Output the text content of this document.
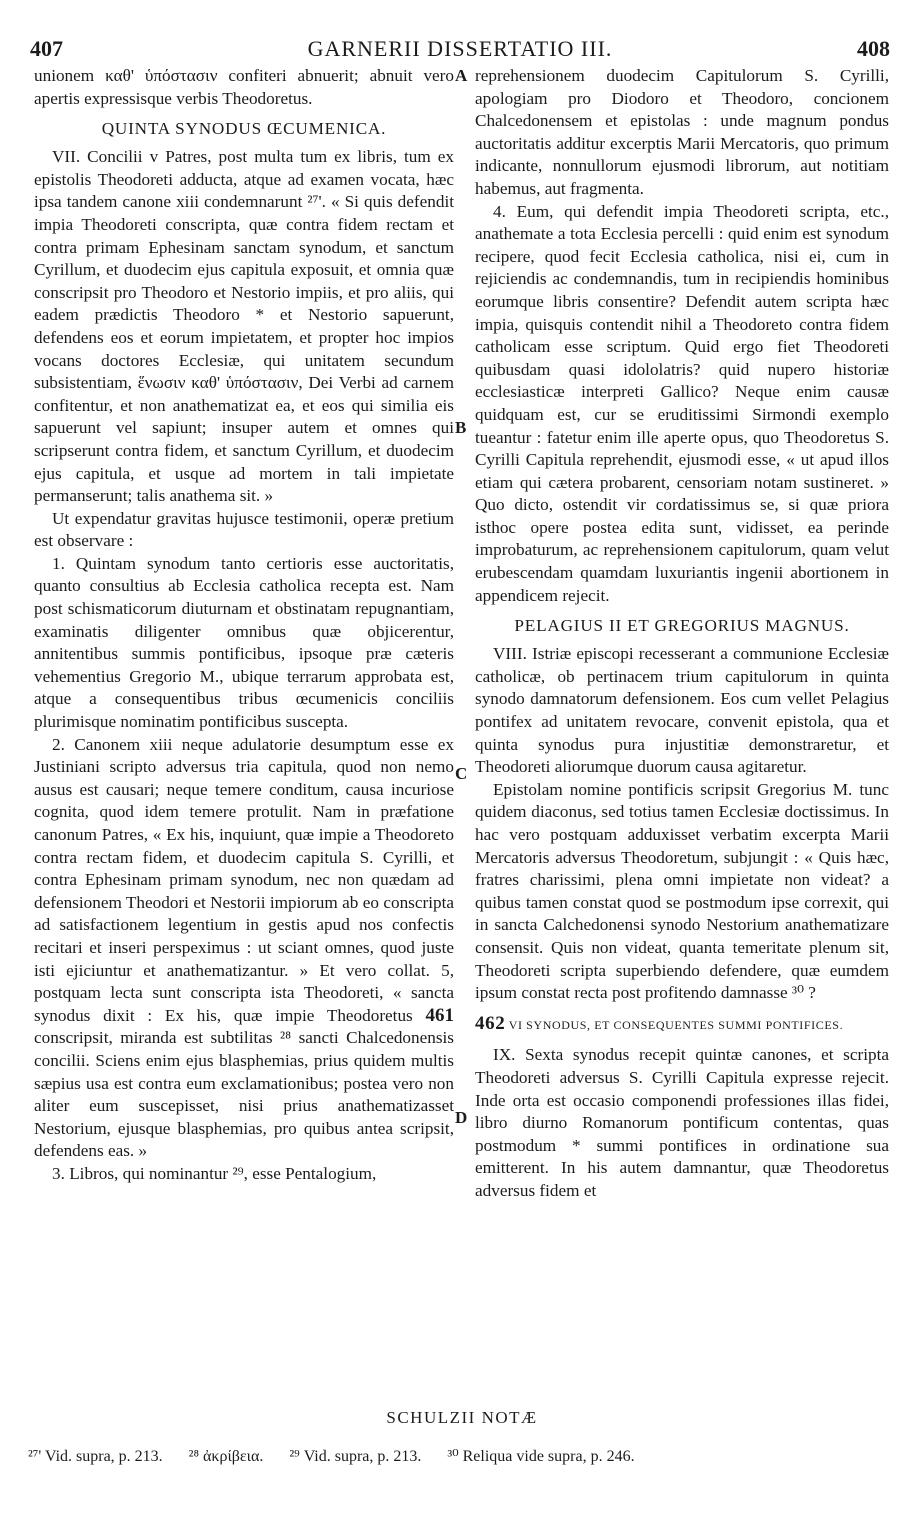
407	GARNERII DISSERTATIO III.	408
A
B
C
D

unionem καθ' ὑπόστασιν confiteri abnuerit; abnuit vero apertis expressisque verbis Theodoretus.

QUINTA SYNODUS ŒCUMENICA.

VII. Concilii v Patres, post multa tum ex libris, tum ex epistolis Theodoreti adducta, atque ad examen vocata, hæc ipsa tandem canone xiii condemnarunt ²⁷'. « Si quis defendit impia Theodoreti conscripta, quæ contra fidem rectam et contra primam Ephesinam sanctam synodum, et sanctum Cyrillum, et duodecim ejus capitula exposuit, et omnia quæ conscripsit pro Theodoro et Nestorio impiis, et pro aliis, qui eadem prædictis Theodoro * et Nestorio sapuerunt, defendens eos et eorum impietatem, et propter hoc impios vocans doctores Ecclesiæ, qui unitatem secundum subsistentiam, ἕνωσιν καθ' ὑπόστασιν, Dei Verbi ad carnem confitentur, et non anathematizat ea, et eos qui similia eis sapuerunt vel sapiunt; insuper autem et omnes qui scripserunt contra fidem, et sanctum Cyrillum, et duodecim ejus capitula, et usque ad mortem in tali impietate permanserunt; talis anathema sit. »

Ut expendatur gravitas hujusce testimonii, operæ pretium est observare :

1. Quintam synodum tanto certioris esse auctoritatis, quanto consultius ab Ecclesia catholica recepta est. Nam post schismaticorum diuturnam et obstinatam repugnantiam, examinatis diligenter omnibus quæ objicerentur, annitentibus summis pontificibus, ipsoque præ cæteris vehementius Gregorio M., ubique terrarum approbata est, atque a consequentibus tribus œcumenicis conciliis plurimisque nominatim pontificibus suscepta.

2. Canonem xiii neque adulatorie desumptum esse ex Justiniani scripto adversus tria capitula, quod non nemo ausus est causari; neque temere conditum, causa incuriose cognita, quod idem temere protulit. Nam in præfatione canonum Patres, « Ex his, inquiunt, quæ impie a Theodoreto contra rectam fidem, et duodecim capitula S. Cyrilli, et contra Ephesinam primam synodum, nec non quædam ad defensionem Theodori et Nestorii impiorum ab eo conscripta ad satisfactionem legentium in gestis apud nos confectis recitari et inseri perspeximus : ut sciant omnes, quod juste isti ejiciuntur et anathematizantur. » Et vero collat. 5, postquam lecta sunt conscripta ista Theodoreti, « sancta synodus dixit : Ex his, quæ impie Theodoretus 461 conscripsit, miranda est subtilitas ²⁸ sancti Chalcedonensis concilii. Sciens enim ejus blasphemias, prius quidem multis sæpius usa est contra eum exclamationibus; postea vero non aliter eum suscepisset, nisi prius anathematizasset Nestorium, ejusque blasphemias, pro quibus antea scripsit, defendens eas. »

3. Libros, qui nominantur ²⁹, esse Pentalogium,

reprehensionem duodecim Capitulorum S. Cyrilli, apologiam pro Diodoro et Theodoro, concionem Chalcedonensem et epistolas : unde magnum pondus auctoritatis additur excerptis Marii Mercatoris, quo primum indicante, nonnullorum ejusmodi librorum, aut notitiam habemus, aut fragmenta.

4. Eum, qui defendit impia Theodoreti scripta, etc., anathemate a tota Ecclesia percelli : quid enim est synodum recipere, quod fecit Ecclesia catholica, nisi ei, cum in rejiciendis ac condemnandis, tum in recipiendis hominibus eorumque libris consentire? Defendit autem scripta hæc impia, quisquis contendit nihil a Theodoreto contra fidem catholicam esse scriptum. Quid ergo fiet Theodoreti quibusdam quasi idololatris? quid nupero historiæ ecclesiasticæ interpreti Gallico? Neque enim causæ quidquam est, cur se eruditissimi Sirmondi exemplo tueantur : fatetur enim ille aperte opus, quo Theodoretus S. Cyrilli Capitula reprehendit, ejusmodi esse, « ut apud illos etiam qui cætera probarent, censoriam notam sustineret. » Quo dicto, ostendit vir cordatissimus se, si quæ priora isthoc opere postea edita sunt, vidisset, ea perinde improbaturum, ac reprehensionem capitulorum, quam velut erubescendam quamdam luxuriantis ingenii abortionem in appendicem rejecit.

PELAGIUS II ET GREGORIUS MAGNUS.

VIII. Istriæ episcopi recesserant a communione Ecclesiæ catholicæ, ob pertinacem trium capitulorum in quinta synodo damnatorum defensionem. Eos cum vellet Pelagius pontifex ad unitatem revocare, convenit epistola, qua et quinta synodus pura injustitiæ demonstraretur, et Theodoreti aliorumque duorum causa agitaretur.

Epistolam nomine pontificis scripsit Gregorius M. tunc quidem diaconus, sed totius tamen Ecclesiæ doctissimus. In hac vero postquam adduxisset verbatim excerpta Marii Mercatoris adversus Theodoretum, subjungit : « Quis hæc, fratres charissimi, plena omni impietate non videat? a quibus tamen constat quod se postmodum ipse correxit, qui in sancta Calchedonensi synodo Nestorium anathematizare consensit. Quis non videat, quanta temeritate plenum sit, Theodoreti scripta superbiendo defendere, quæ eumdem ipsum constat recta post profitendo damnasse ³⁰ ?

462 VI SYNODUS, ET CONSEQUENTES SUMMI PONTIFICES.

IX. Sexta synodus recepit quintæ canones, et scripta Theodoreti adversus S. Cyrilli Capitula expresse rejecit. Inde orta est occasio componendi professiones illas fidei, libro diurno Romanorum pontificum contentas, quas postmodum * summi pontifices in ordinatione sua emitterent. In his autem damnantur, quæ Theodoretus adversus fidem et

SCHULZII NOTÆ
²⁷' Vid. supra, p. 213. ²⁸ ἀκρίβεια. ²⁹ Vid. supra, p. 213. ³⁰ Reliqua vide supra, p. 246.
